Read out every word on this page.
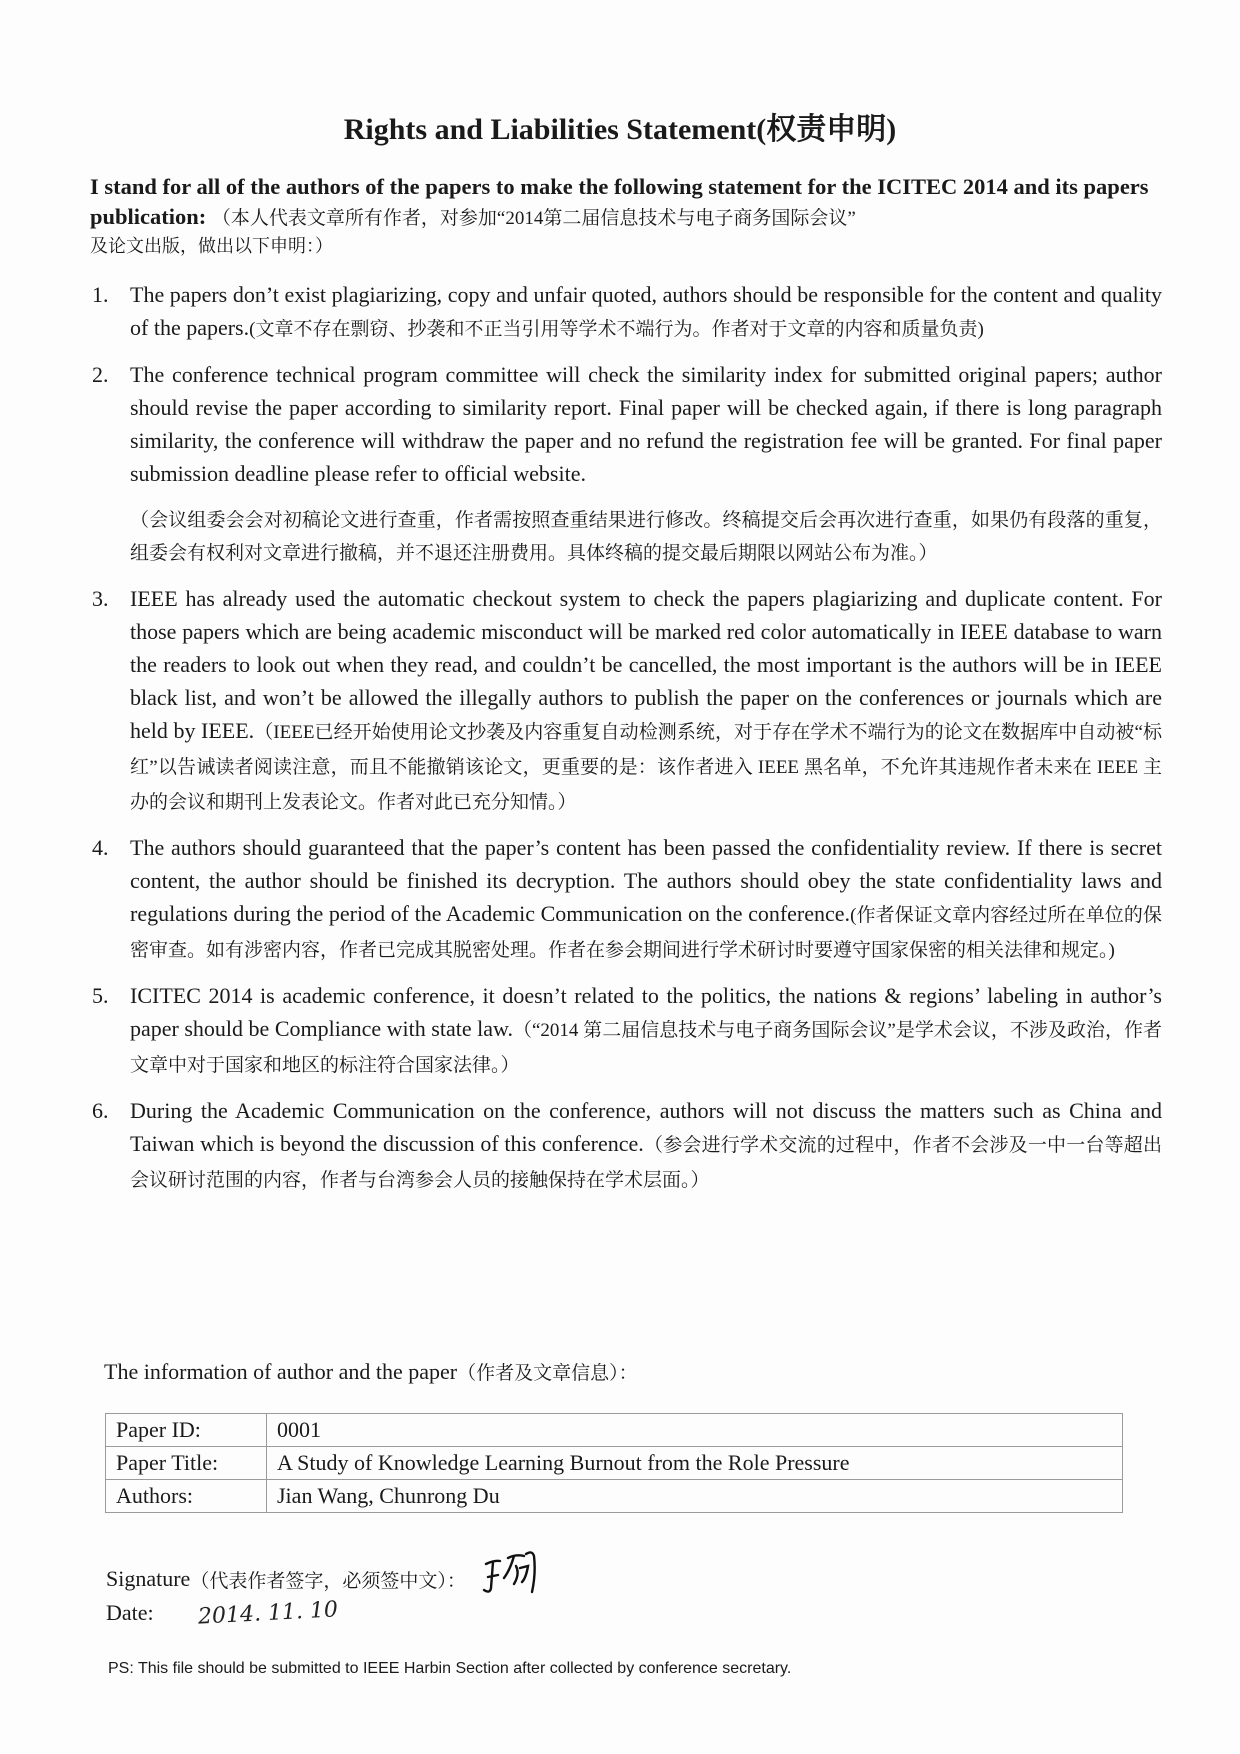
Rights and Liabilities Statement(权责申明)
I stand for all of the authors of the papers to make the following statement for the ICITEC 2014 and its papers publication: （本人代表文章所有作者，对参加“2014第二届信息技术与电子商务国际会议”
及论文出版，做出以下申明：）
1. The papers don’t exist plagiarizing, copy and unfair quoted, authors should be responsible for the content and quality of the papers.(文章不存在剽窃、抄袭和不正当引用等学术不端行为。作者对于文章的内容和质量负责)
2. The conference technical program committee will check the similarity index for submitted original papers; author should revise the paper according to similarity report. Final paper will be checked again, if there is long paragraph similarity, the conference will withdraw the paper and no refund the registration fee will be granted. For final paper submission deadline please refer to official website.
（会议组委会会对初稿论文进行查重，作者需按照查重结果进行修改。终稿提交后会再次进行查重，如果仍有段落的重复，组委会有权利对文章进行撤稿，并不退还注册费用。具体终稿的提交最后期限以网站公布为准。）
3. IEEE has already used the automatic checkout system to check the papers plagiarizing and duplicate content. For those papers which are being academic misconduct will be marked red color automatically in IEEE database to warn the readers to look out when they read, and couldn’t be cancelled, the most important is the authors will be in IEEE black list, and won’t be allowed the illegally authors to publish the paper on the conferences or journals which are held by IEEE.（IEEE已经开始使用论文抄袭及内容重复自动检测系统，对于存在学术不端行为的论文在数据库中自动被“标红”以告诫读者阅读注意，而且不能撤销该论文，更重要的是：该作者进入 IEEE 黑名单，不允许其违规作者未来在 IEEE 主办的会议和期刊上发表论文。作者对此已充分知情。）
4. The authors should guaranteed that the paper’s content has been passed the confidentiality review. If there is secret content, the author should be finished its decryption. The authors should obey the state confidentiality laws and regulations during the period of the Academic Communication on the conference.(作者保证文章内容经过所在单位的保密审查。如有涉密内容，作者已完成其脱密处理。作者在参会期间进行学术研讨时要遵守国家保密的相关法律和规定。)
5. ICITEC 2014 is academic conference, it doesn’t related to the politics, the nations & regions’ labeling in author’s paper should be Compliance with state law.（“2014 第二届信息技术与电子商务国际会议”是学术会议，不涉及政治，作者文章中对于国家和地区的标注符合国家法律。）
6. During the Academic Communication on the conference, authors will not discuss the matters such as China and Taiwan which is beyond the discussion of this conference.（参会进行学术交流的过程中，作者不会涉及一中一台等超出会议研讨范围的内容，作者与台湾参会人员的接触保持在学术层面。）
The information of author and the paper（作者及文章信息）：
Paper ID:	0001
Paper Title:	A Study of Knowledge Learning Burnout from the Role Pressure
Authors:	Jian Wang, Chunrong Du
Signature （代表作者签字，必须签中文）：
Date: 2014. 11. 10
PS: This file should be submitted to IEEE Harbin Section after collected by conference secretary.
